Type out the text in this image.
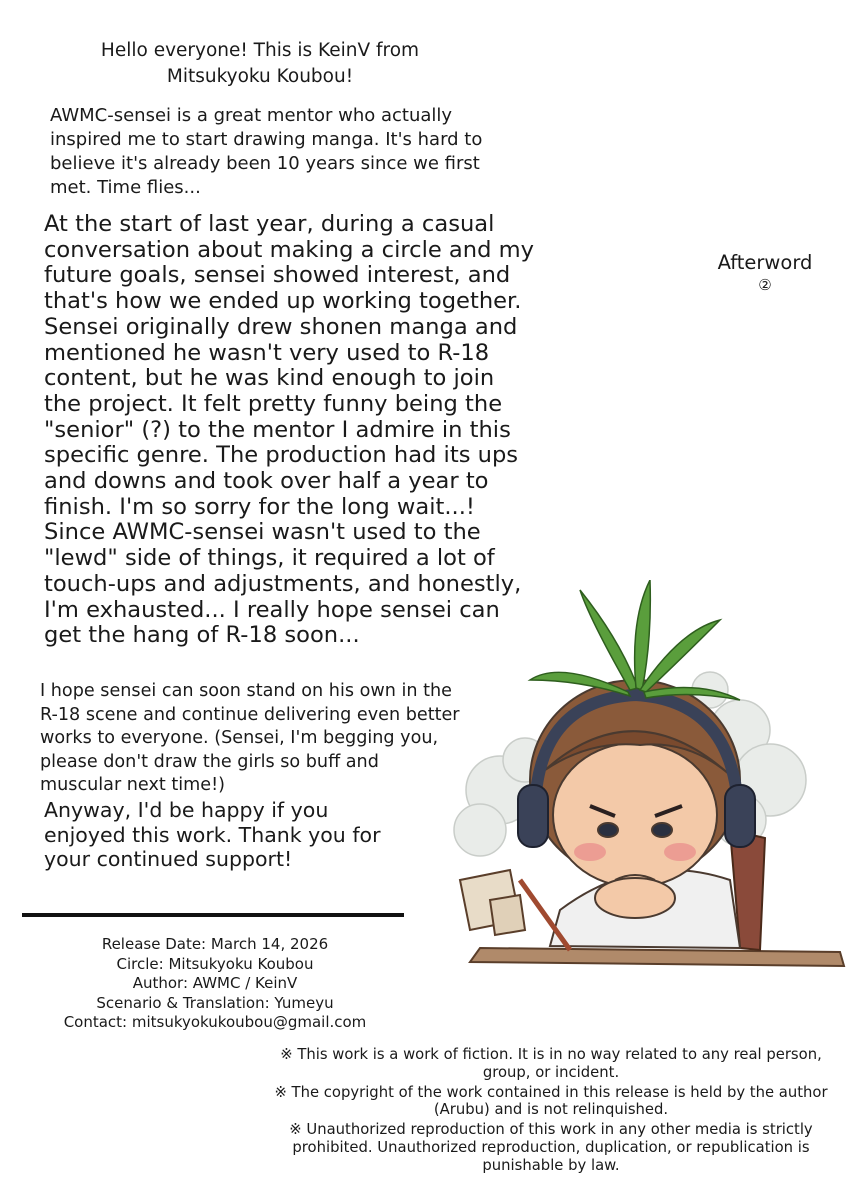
Hello everyone! This is KeinV from Mitsukyoku Koubou!

AWMC-sensei is a great mentor who actually inspired me to start drawing manga. It's hard to believe it's already been 10 years since we first met. Time flies...

At the start of last year, during a casual conversation about making a circle and my future goals, sensei showed interest, and that's how we ended up working together. Sensei originally drew shonen manga and mentioned he wasn't very used to R-18 content, but he was kind enough to join the project. It felt pretty funny being the "senior" (?) to the mentor I admire in this specific genre. The production had its ups and downs and took over half a year to finish. I'm so sorry for the long wait...! Since AWMC-sensei wasn't used to the "lewd" side of things, it required a lot of touch-ups and adjustments, and honestly, I'm exhausted... I really hope sensei can get the hang of R-18 soon...

Afterword
②

I hope sensei can soon stand on his own in the R-18 scene and continue delivering even better works to everyone. (Sensei, I'm begging you, please don't draw the girls so buff and muscular next time!)

Anyway, I'd be happy if you enjoyed this work. Thank you for your continued support!

Release Date: March 14, 2026
Circle: Mitsukyoku Koubou
Author: AWMC / KeinV
Scenario & Translation: Yumeyu
Contact: mitsukyokukoubou@gmail.com

※ This work is a work of fiction. It is in no way related to any real person, group, or incident.

※ The copyright of the work contained in this release is held by the author (Arubu) and is not relinquished.

※ Unauthorized reproduction of this work in any other media is strictly prohibited. Unauthorized reproduction, duplication, or republication is punishable by law.
